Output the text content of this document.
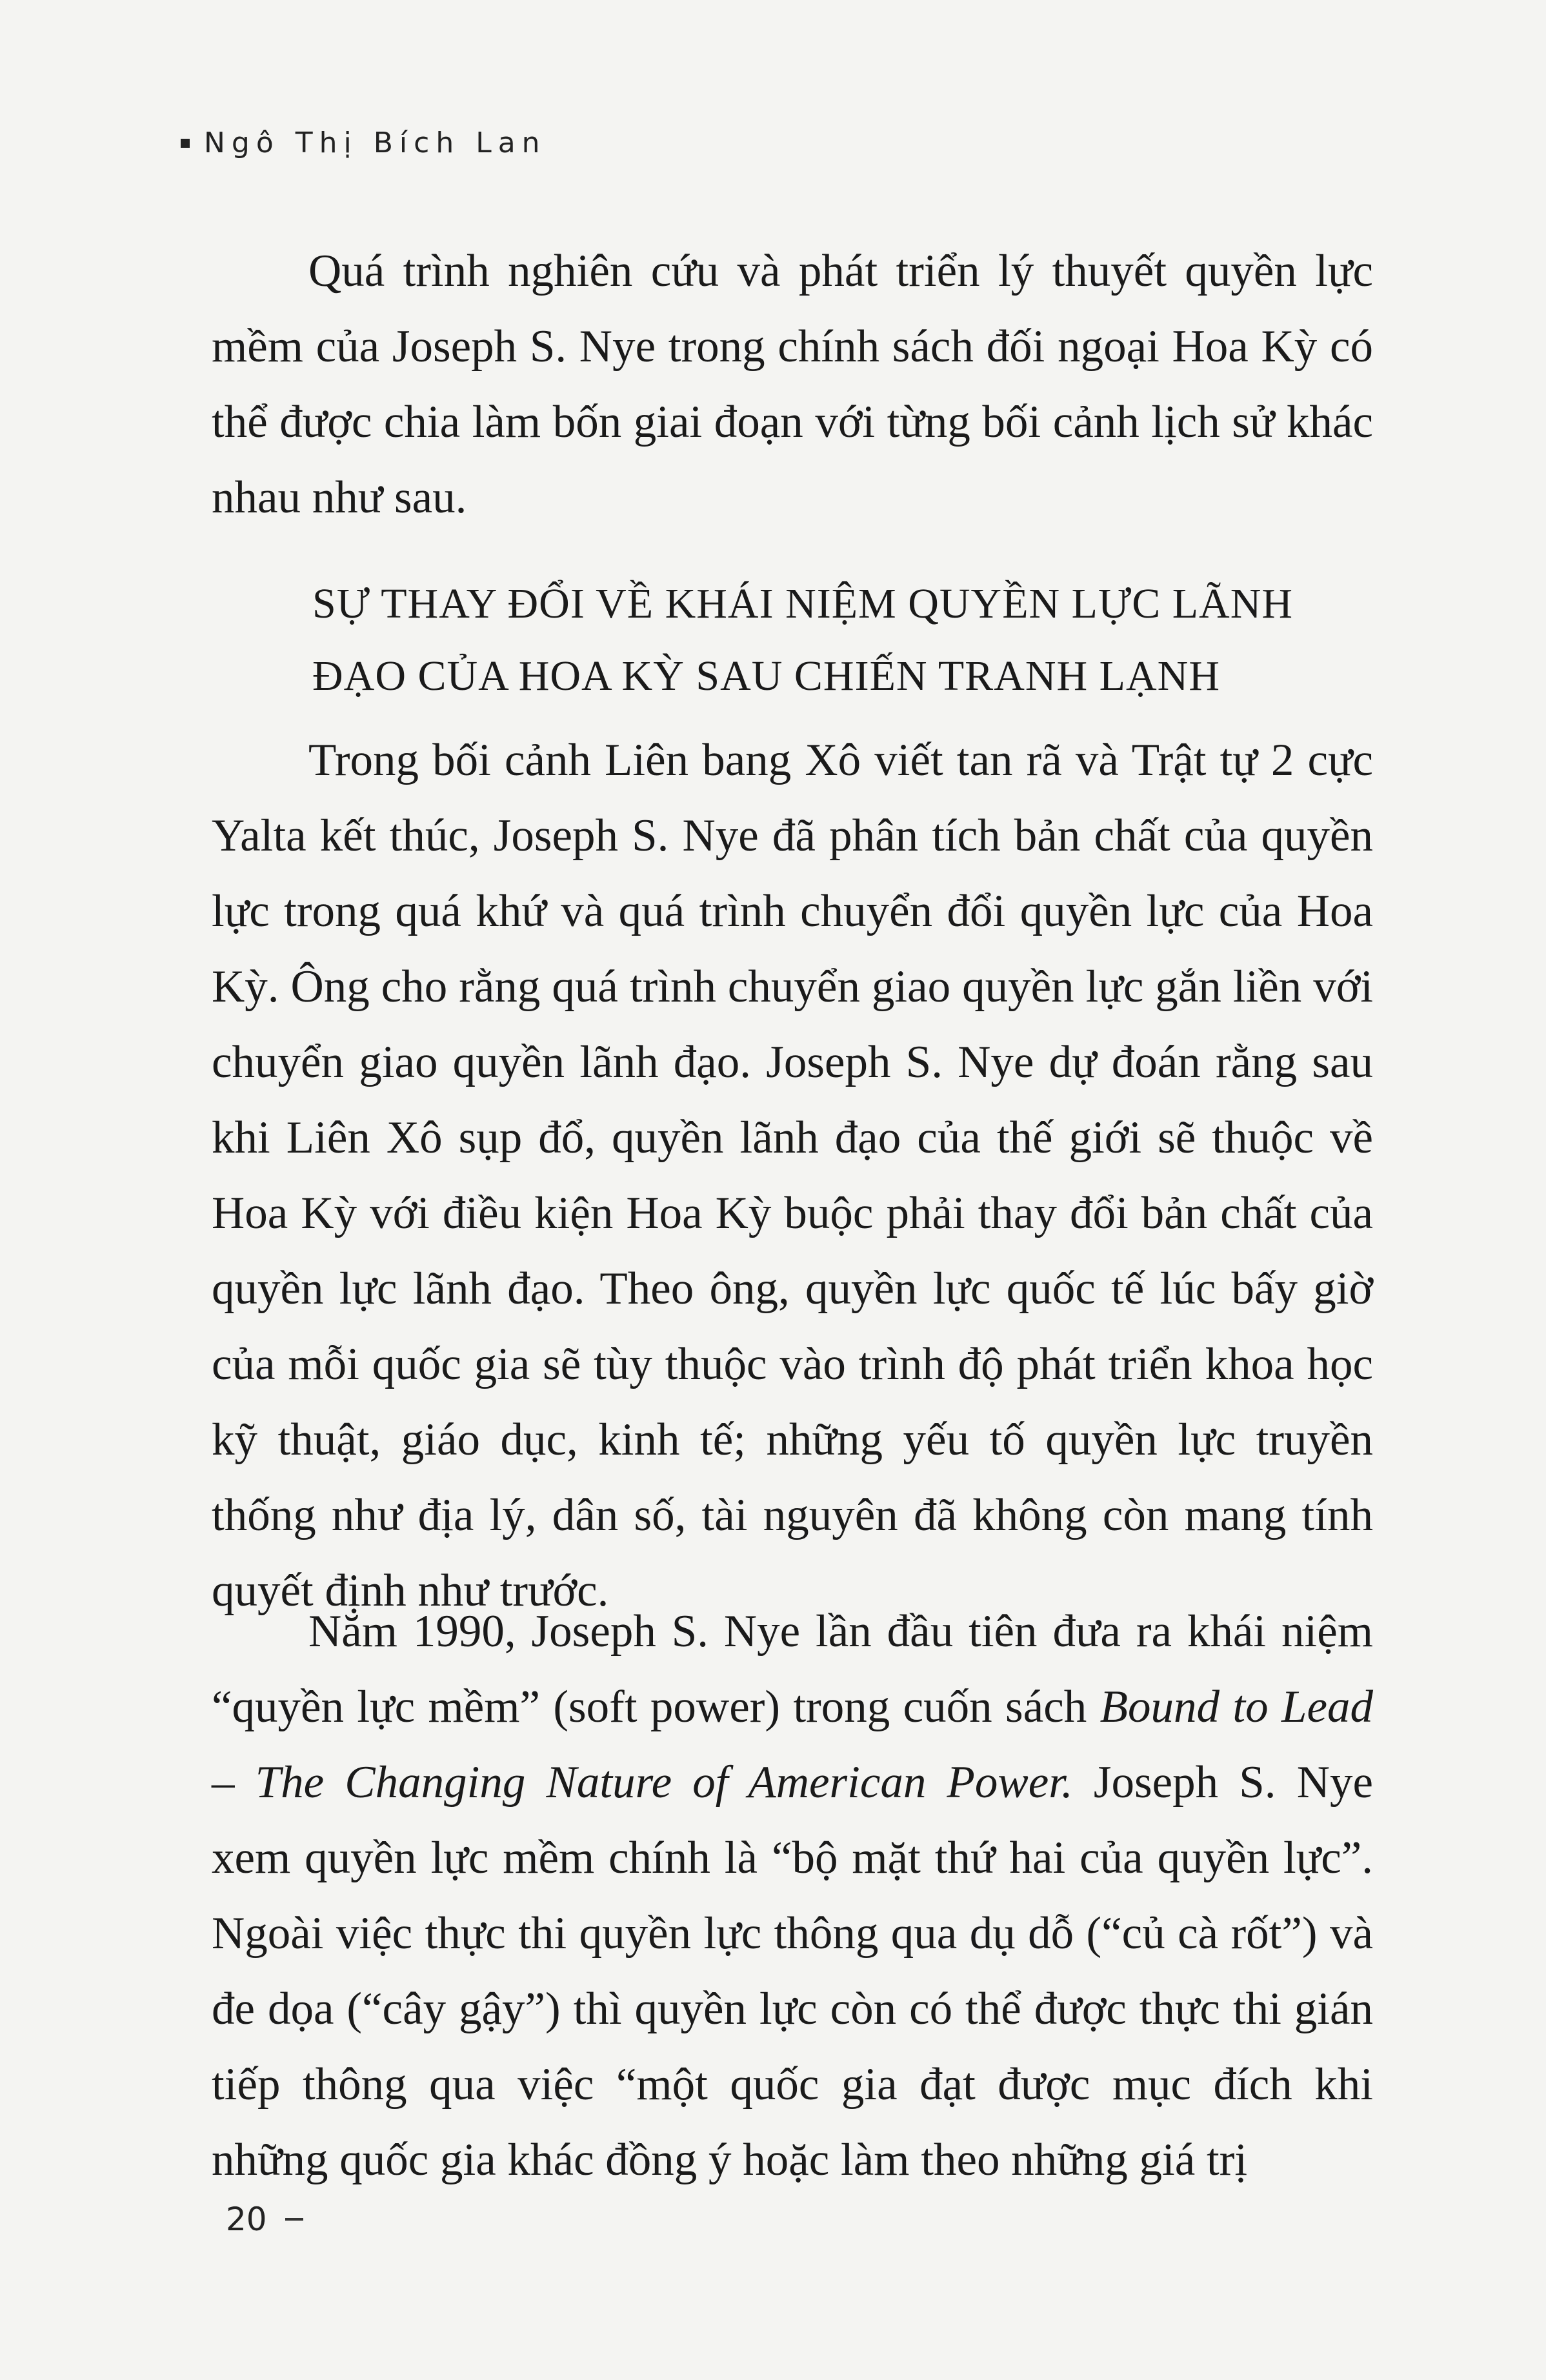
Ngô Thị Bích Lan

Quá trình nghiên cứu và phát triển lý thuyết quyền lực mềm của Joseph S. Nye trong chính sách đối ngoại Hoa Kỳ có thể được chia làm bốn giai đoạn với từng bối cảnh lịch sử khác nhau như sau.

SỰ THAY ĐỔI VỀ KHÁI NIỆM QUYỀN LỰC LÃNH ĐẠO CỦA HOA KỲ SAU CHIẾN TRANH LẠNH

Trong bối cảnh Liên bang Xô viết tan rã và Trật tự 2 cực Yalta kết thúc, Joseph S. Nye đã phân tích bản chất của quyền lực trong quá khứ và quá trình chuyển đổi quyền lực của Hoa Kỳ. Ông cho rằng quá trình chuyển giao quyền lực gắn liền với chuyển giao quyền lãnh đạo. Joseph S. Nye dự đoán rằng sau khi Liên Xô sụp đổ, quyền lãnh đạo của thế giới sẽ thuộc về Hoa Kỳ với điều kiện Hoa Kỳ buộc phải thay đổi bản chất của quyền lực lãnh đạo. Theo ông, quyền lực quốc tế lúc bấy giờ của mỗi quốc gia sẽ tùy thuộc vào trình độ phát triển khoa học kỹ thuật, giáo dục, kinh tế; những yếu tố quyền lực truyền thống như địa lý, dân số, tài nguyên đã không còn mang tính quyết định như trước.

Năm 1990, Joseph S. Nye lần đầu tiên đưa ra khái niệm “quyền lực mềm” (soft power) trong cuốn sách Bound to Lead – The Changing Nature of American Power. Joseph S. Nye xem quyền lực mềm chính là “bộ mặt thứ hai của quyền lực”. Ngoài việc thực thi quyền lực thông qua dụ dỗ (“củ cà rốt”) và đe dọa (“cây gậy”) thì quyền lực còn có thể được thực thi gián tiếp thông qua việc “một quốc gia đạt được mục đích khi những quốc gia khác đồng ý hoặc làm theo những giá trị

20
